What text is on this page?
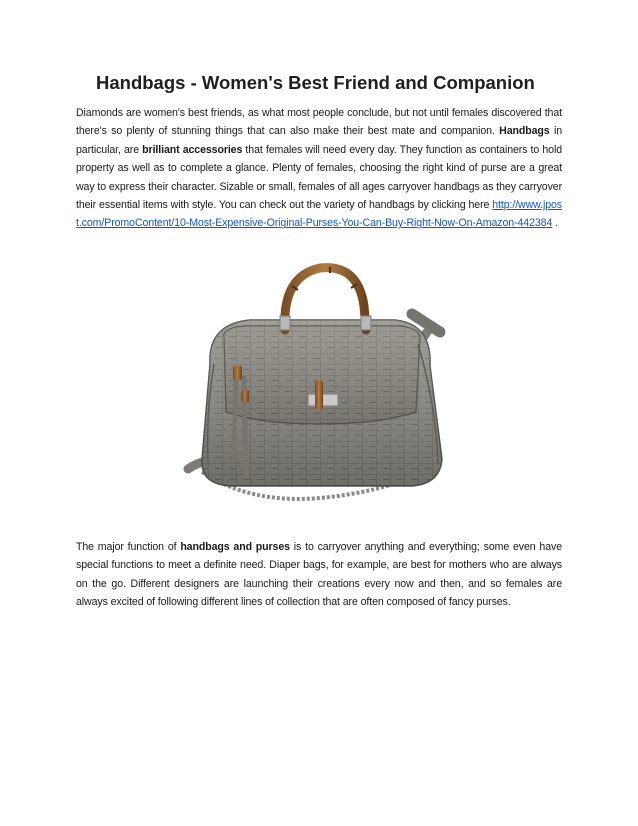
Handbags - Women's Best Friend and Companion

Diamonds are women's best friends, as what most people conclude, but not until females discovered that there's so plenty of stunning things that can also make their best mate and companion. Handbags in particular, are brilliant accessories that females will need every day. They function as containers to hold property as well as to complete a glance. Plenty of females, choosing the right kind of purse are a great way to express their character. Sizable or small, females of all ages carryover handbags as they carryover their essential items with style. You can check out the variety of handbags by clicking here http://www.jpost.com/PromoContent/10-Most-Expensive-Original-Purses-You-Can-Buy-Right-Now-On-Amazon-442384 .

The major function of handbags and purses is to carryover anything and everything; some even have special functions to meet a definite need. Diaper bags, for example, are best for mothers who are always on the go. Different designers are launching their creations every now and then, and so females are always excited of following different lines of collection that are often composed of fancy purses.
